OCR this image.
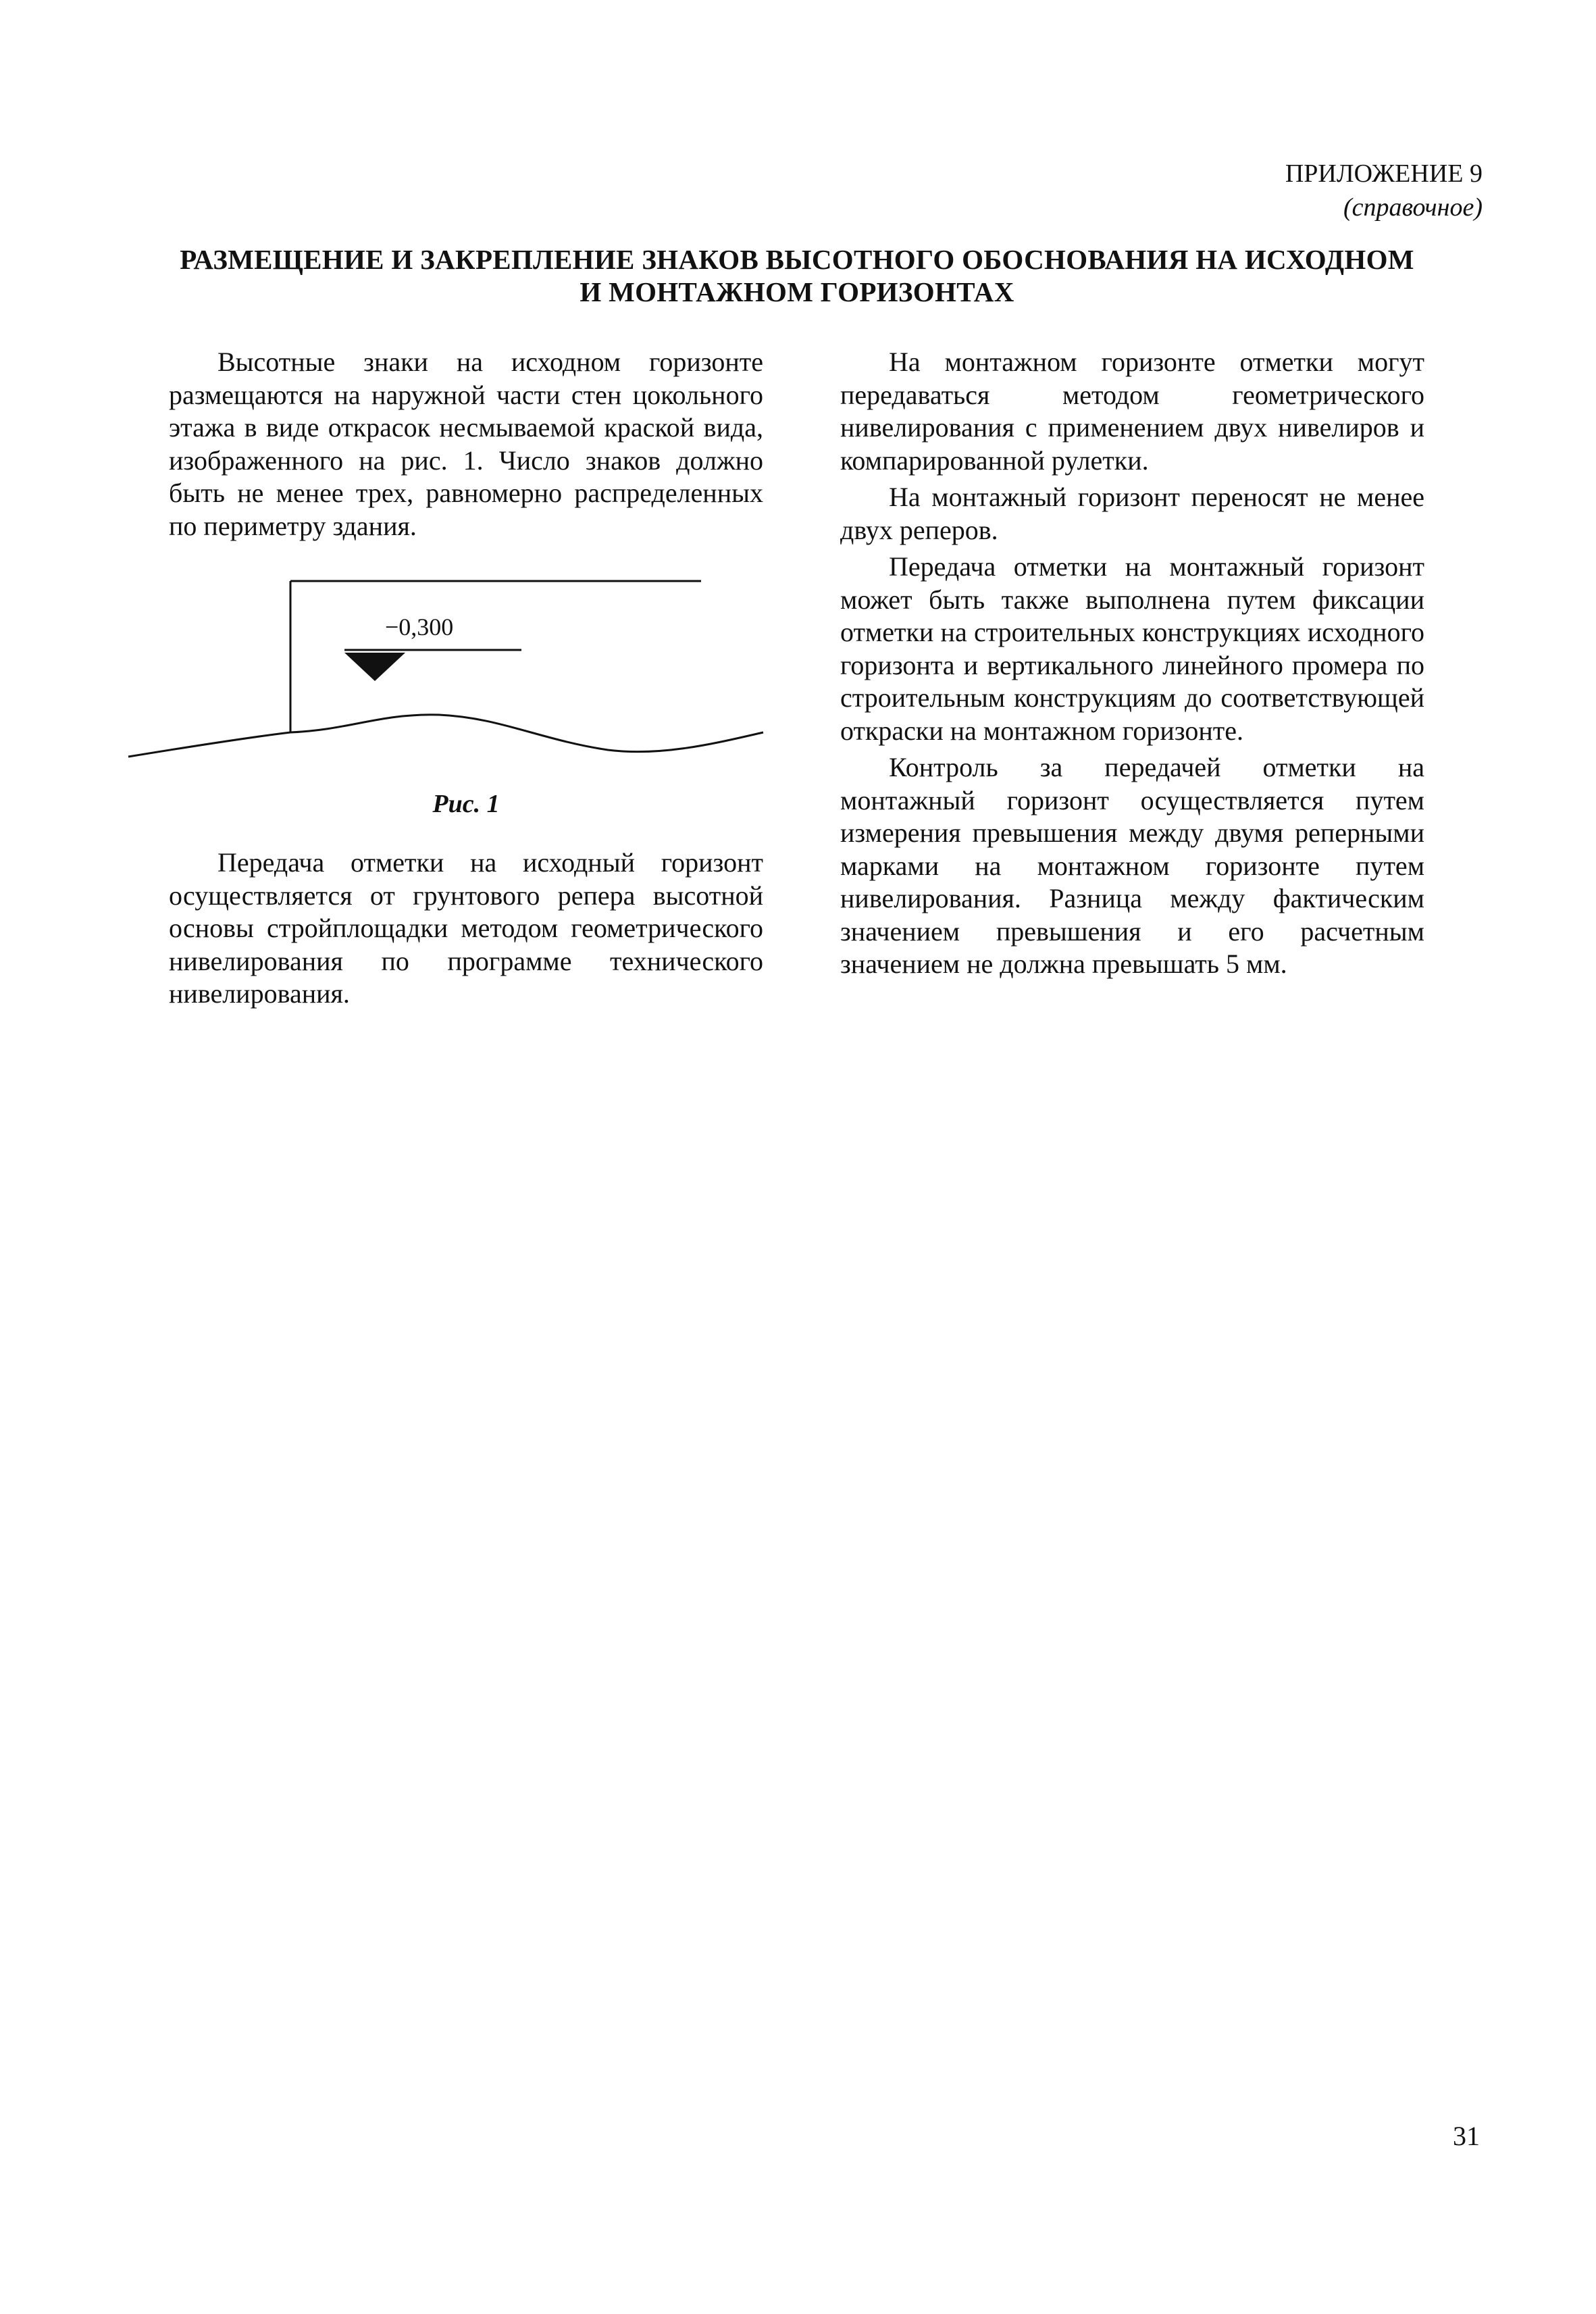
ПРИЛОЖЕНИЕ 9
(справочное)
РАЗМЕЩЕНИЕ И ЗАКРЕПЛЕНИЕ ЗНАКОВ ВЫСОТНОГО ОБОСНОВАНИЯ НА ИСХОДНОМ
И МОНТАЖНОМ ГОРИЗОНТАХ

Высотные знаки на исходном горизонте размещаются на наружной части стен цокольного этажа в виде открасок несмываемой краской вида, изображенного на рис. 1. Число знаков должно быть не менее трех, равномерно распределенных по периметру здания.

−0,300
Рис. 1

Передача отметки на исходный горизонт осуществляется от грунтового репера высотной основы стройплощадки методом геометрического нивелирования по программе технического нивелирования.

На монтажном горизонте отметки могут передаваться методом геометрического нивелирования с применением двух нивелиров и компарированной рулетки.

На монтажный горизонт переносят не менее двух реперов.

Передача отметки на монтажный горизонт может быть также выполнена путем фиксации отметки на строительных конструкциях исходного горизонта и вертикального линейного промера по строительным конструкциям до соответствующей открaски на монтажном горизонте.

Контроль за передачей отметки на монтажный горизонт осуществляется путем измерения превышения между двумя реперными марками на монтажном горизонте путем нивелирования. Разница между фактическим значением превышения и его расчетным значением не должна превышать 5 мм.

31
